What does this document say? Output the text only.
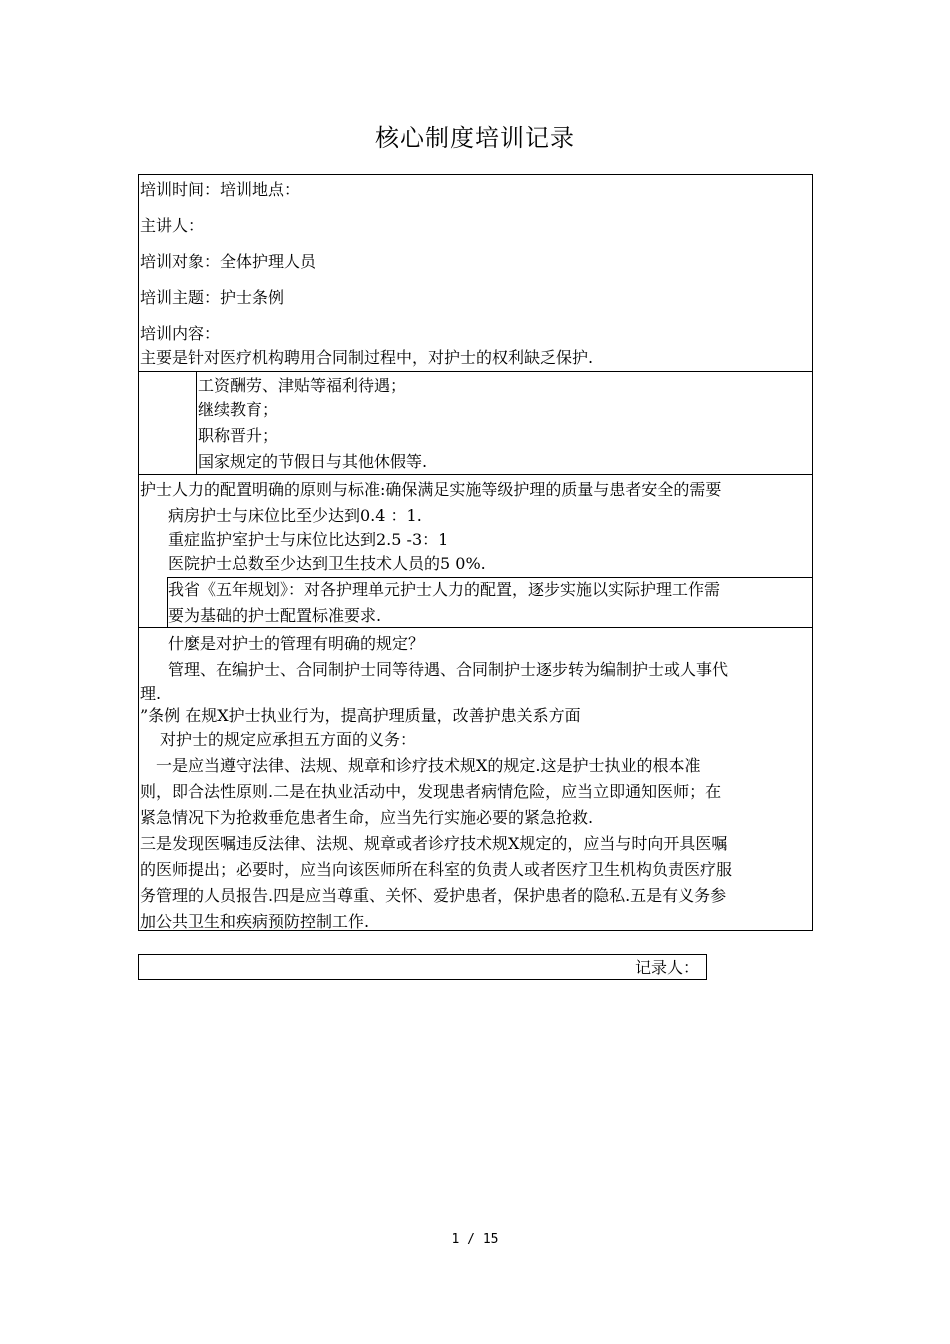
核心制度培训记录
培训时间：培训地点：
主讲人：
培训对象：全体护理人员
培训主题：护士条例
培训内容：
主要是针对医疗机构聘用合同制过程中，对护士的权利缺乏保护.
工资酬劳、津贴等福利待遇；
继续教育；
职称晋升；
国家规定的节假日与其他休假等.
护士人力的配置明确的原则与标准:确保满足实施等级护理的质量与患者安全的需要
病房护士与床位比至少达到0.4 ：1.
重症监护室护士与床位比达到2.5 -3：1
医院护士总数至少达到卫生技术人员的5 0%.
我省《五年规划》：对各护理单元护士人力的配置，逐步实施以实际护理工作需
要为基础的护士配置标准要求.
什麼是对护士的管理有明确的规定？
管理、在编护士、合同制护士同等待遇、合同制护士逐步转为编制护士或人事代
理.
”条例 在规X护士执业行为，提高护理质量，改善护患关系方面
对护士的规定应承担五方面的义务：
一是应当遵守法律、法规、规章和诊疗技术规X的规定.这是护士执业的根本准
则，即合法性原则.二是在执业活动中，发现患者病情危险，应当立即通知医师；在
紧急情况下为抢救垂危患者生命，应当先行实施必要的紧急抢救.
三是发现医嘱违反法律、法规、规章或者诊疗技术规X规定的，应当与时向开具医嘱
的医师提出；必要时，应当向该医师所在科室的负责人或者医疗卫生机构负责医疗服
务管理的人员报告.四是应当尊重、关怀、爱护患者，保护患者的隐私.五是有义务参
加公共卫生和疾病预防控制工作.
记录人：
1 / 15
